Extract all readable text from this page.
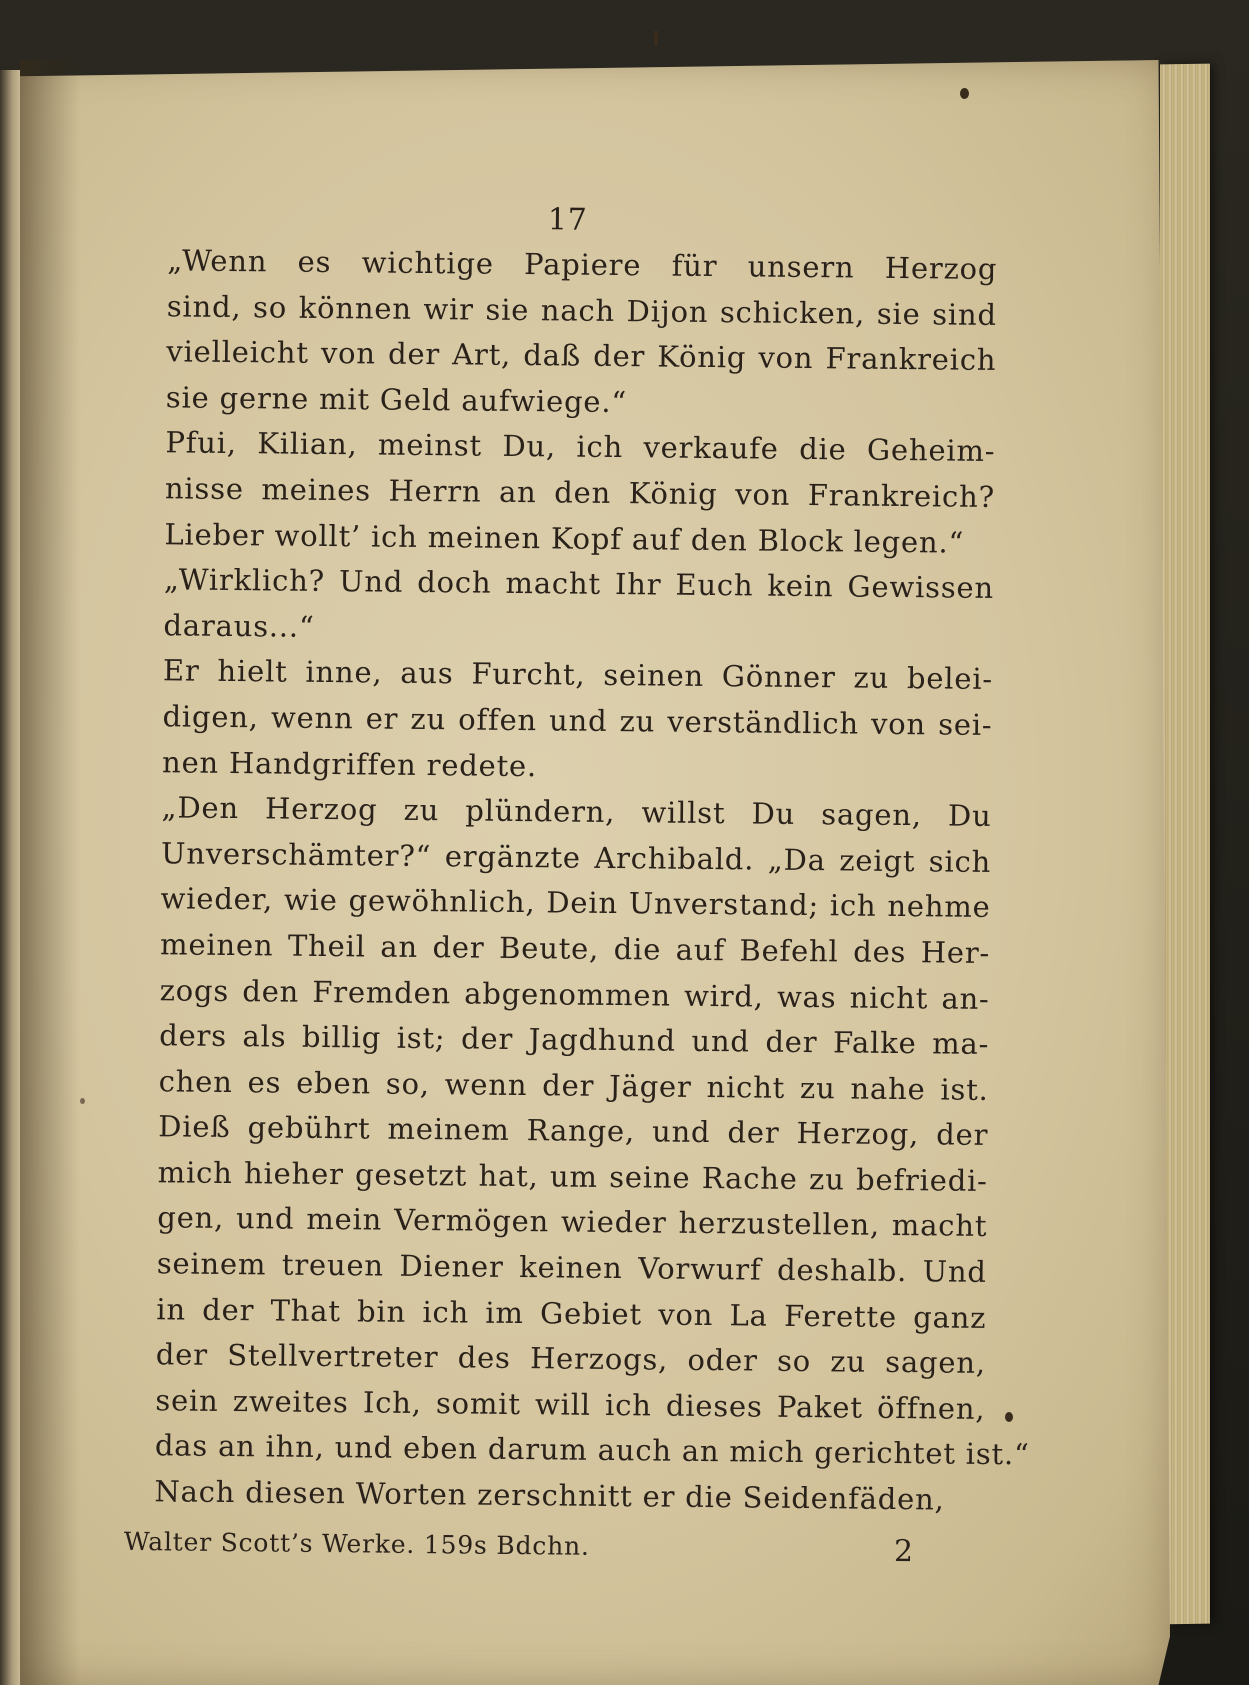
17

„Wenn es wichtige Papiere für unsern Herzog
sind, so können wir sie nach Dijon schicken, sie sind
vielleicht von der Art, daß der König von Frankreich
sie gerne mit Geld aufwiege.“

Pfui, Kilian, meinst Du, ich verkaufe die Geheim-
nisse meines Herrn an den König von Frankreich?
Lieber wollt’ ich meinen Kopf auf den Block legen.“

„Wirklich? Und doch macht Ihr Euch kein Gewissen
daraus...“

Er hielt inne, aus Furcht, seinen Gönner zu belei-
digen, wenn er zu offen und zu verständlich von sei-
nen Handgriffen redete.

„Den Herzog zu plündern, willst Du sagen, Du
Unverschämter?“ ergänzte Archibald. „Da zeigt sich
wieder, wie gewöhnlich, Dein Unverstand; ich nehme
meinen Theil an der Beute, die auf Befehl des Her-
zogs den Fremden abgenommen wird, was nicht an-
ders als billig ist; der Jagdhund und der Falke ma-
chen es eben so, wenn der Jäger nicht zu nahe ist.
Dieß gebührt meinem Range, und der Herzog, der
mich hieher gesetzt hat, um seine Rache zu befriedi-
gen, und mein Vermögen wieder herzustellen, macht
seinem treuen Diener keinen Vorwurf deshalb. Und
in der That bin ich im Gebiet von La Ferette ganz
der Stellvertreter des Herzogs, oder so zu sagen,
sein zweites Ich, somit will ich dieses Paket öffnen,
das an ihn, und eben darum auch an mich gerichtet ist.“

Nach diesen Worten zerschnitt er die Seidenfäden,

Walter Scott’s Werke. 159s Bdchn.	2
